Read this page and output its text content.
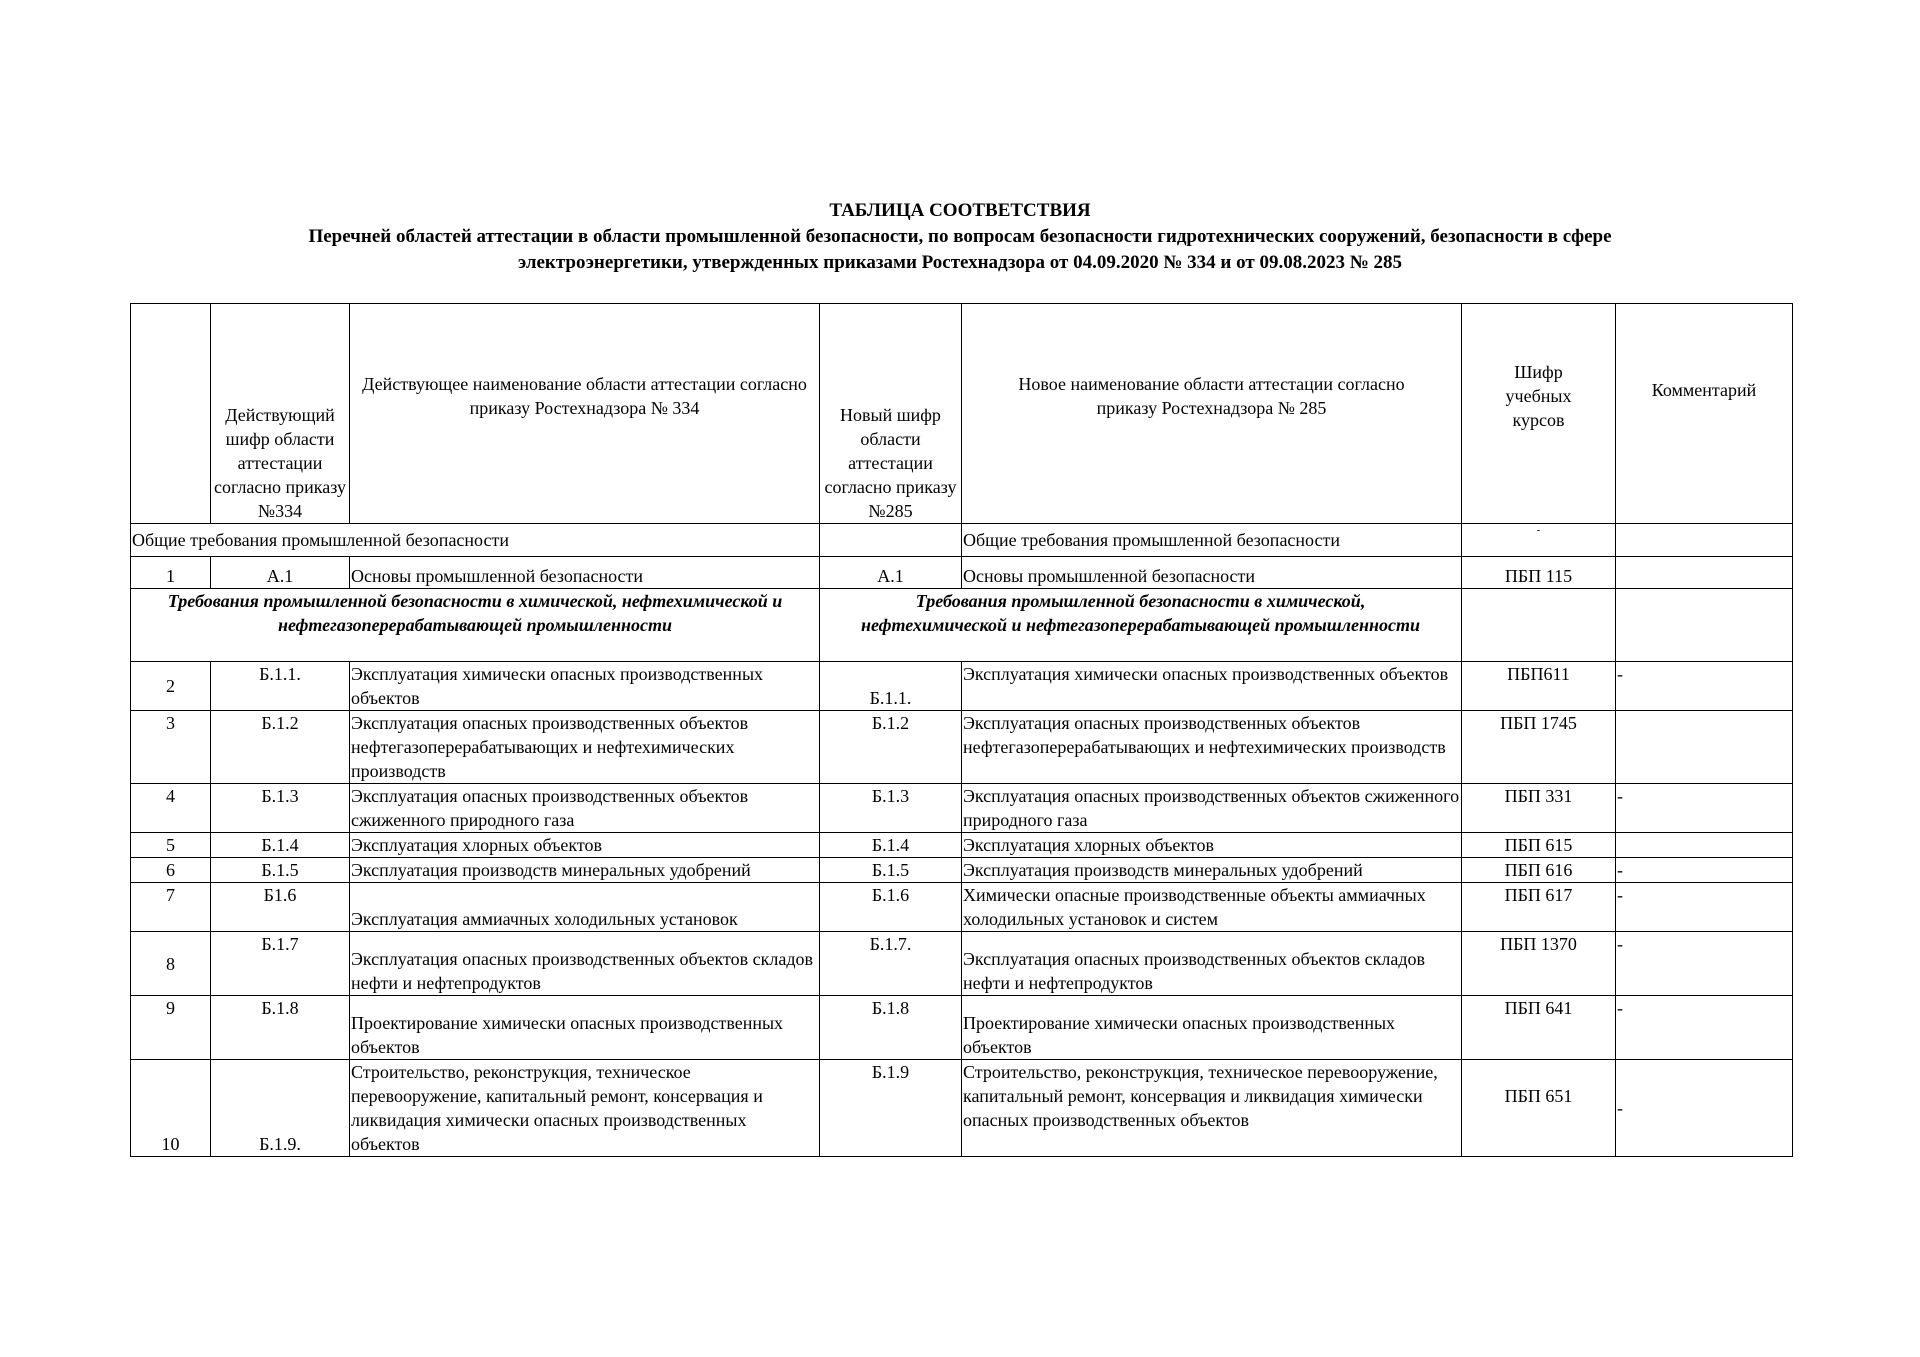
ТАБЛИЦА СООТВЕТСТВИЯ
Перечней областей аттестации в области промышленной безопасности, по вопросам безопасности гидротехнических сооружений, безопасности в сфере
электроэнергетики, утвержденных приказами Ростехнадзора от 04.09.2020 № 334 и от 09.08.2023 № 285
	Действующий шифр области аттестации согласно приказу №334	Действующее наименование области аттестации согласно приказу Ростехнадзора № 334	Новый шифр области аттестации согласно приказу №285	Новое наименование области аттестации согласно приказу Ростехнадзора № 285	Шифр учебных курсов	Комментарий

Общие требования промышленной безопасности				Общие требования промышленной безопасности	-	
1	А.1	Основы промышленной безопасности	А.1	Основы промышленной безопасности	ПБП 115	
Требования промышленной безопасности в химической, нефтехимической и нефтегазоперерабатывающей промышленности			Требования промышленной безопасности в химической, нефтехимической и нефтегазоперерабатывающей промышленности			
2	Б.1.1.	Эксплуатация химически опасных производственных объектов	Б.1.1.	Эксплуатация химически опасных производственных объектов	ПБП611	-
3	Б.1.2	Эксплуатация опасных производственных объектов нефтегазоперерабатывающих и нефтехимических производств	Б.1.2	Эксплуатация опасных производственных объектов нефтегазоперерабатывающих и нефтехимических производств	ПБП 1745	
4	Б.1.3	Эксплуатация опасных производственных объектов сжиженного природного газа	Б.1.3	Эксплуатация опасных производственных объектов сжиженного природного газа	ПБП 331	-
5	Б.1.4	Эксплуатация хлорных объектов	Б.1.4	Эксплуатация хлорных объектов	ПБП 615	
6	Б.1.5	Эксплуатация производств минеральных удобрений	Б.1.5	Эксплуатация производств минеральных удобрений	ПБП 616	-
7	Б1.6	Эксплуатация аммиачных холодильных установок	Б.1.6	Химически опасные производственные объекты аммиачных холодильных установок и систем	ПБП 617	-
8	Б.1.7	Эксплуатация опасных производственных объектов складов нефти и нефтепродуктов	Б.1.7.	Эксплуатация опасных производственных объектов складов нефти и нефтепродуктов	ПБП 1370	-
9	Б.1.8	Проектирование химически опасных производственных объектов	Б.1.8	Проектирование химически опасных производственных объектов	ПБП 641	-
10	Б.1.9.	Строительство, реконструкция, техническое перевооружение, капитальный ремонт, консервация и ликвидация химически опасных производственных объектов	Б.1.9	Строительство, реконструкция, техническое перевооружение, капитальный ремонт, консервация и ликвидация химически опасных производственных объектов	ПБП 651	-
